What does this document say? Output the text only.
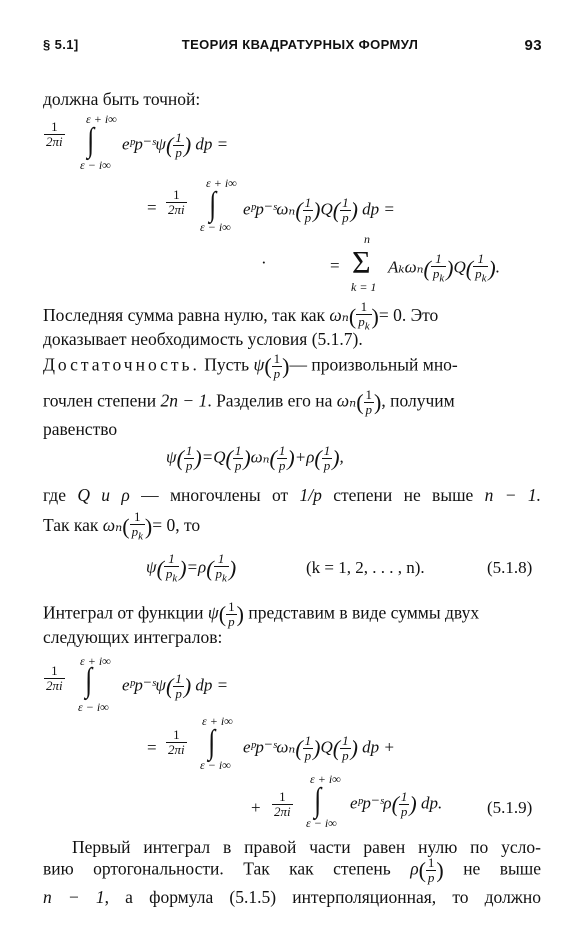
§ 5.1]	ТЕОРИЯ КВАДРАТУРНЫХ ФОРМУЛ	93
должна быть точной:
$\frac{1}{2\pi i}$
ε + i∞
∫
ε − i∞
eᵖp⁻ˢψ( $\frac{1}{p}$ ) dp =
= $\frac{1}{2\pi i}$
ε + i∞
∫
ε − i∞
eᵖp⁻ˢωₙ( $\frac{1}{p} )Q( \frac{1}{p}$ ) dp =
=
n
Σ
k = 1
$A_k\omega_n( \frac{1}{p_k} )Q( \frac{1}{p_k}$ ).
·
Последняя сумма равна нулю, так как $\omega_n( \frac{1}{p_k}$ )= 0. Это
доказывает необходимость условия (5.1.7).
Достаточность. Пусть $\psi( \frac{1}{p}$ )— произвольный мно-
гочлен степени 2n − 1. Разделив его на $\omega_n( \frac{1}{p}$ ), получим
равенство
$\psi( \frac{1}{p} )=Q( \frac{1}{p} )\omega_n( \frac{1}{p} )+\rho( \frac{1}{p}$ ),
где Q и ρ — многочлены от 1/p степени не выше n − 1.
Так как $\omega_n( \frac{1}{p_k}$ )= 0, то
$\psi( \frac{1}{p_k} )=\rho( \frac{1}{p_k}$ )	(k = 1, 2, . . . , n).	(5.1.8)
Интеграл от функции $\psi( \frac{1}{p}$ ) представим в виде суммы двух
следующих интегралов:
$\frac{1}{2\pi i}$
ε + i∞
∫
ε − i∞
eᵖp⁻ˢψ( $\frac{1}{p}$ ) dp =
= $\frac{1}{2\pi i}$
ε + i∞
∫
ε − i∞
eᵖp⁻ˢωₙ( $\frac{1}{p} )Q( \frac{1}{p}$ ) dp +
+ $\frac{1}{2\pi i}$
ε + i∞
∫
ε − i∞
eᵖp⁻ˢρ( $\frac{1}{p}$ ) dp.	(5.1.9)
Первый интеграл в правой части равен нулю по усло-
вию ортогональности. Так как степень $\rho( \frac{1}{p}$ ) не выше
n − 1, а формула (5.1.5) интерполяционная, то должно
